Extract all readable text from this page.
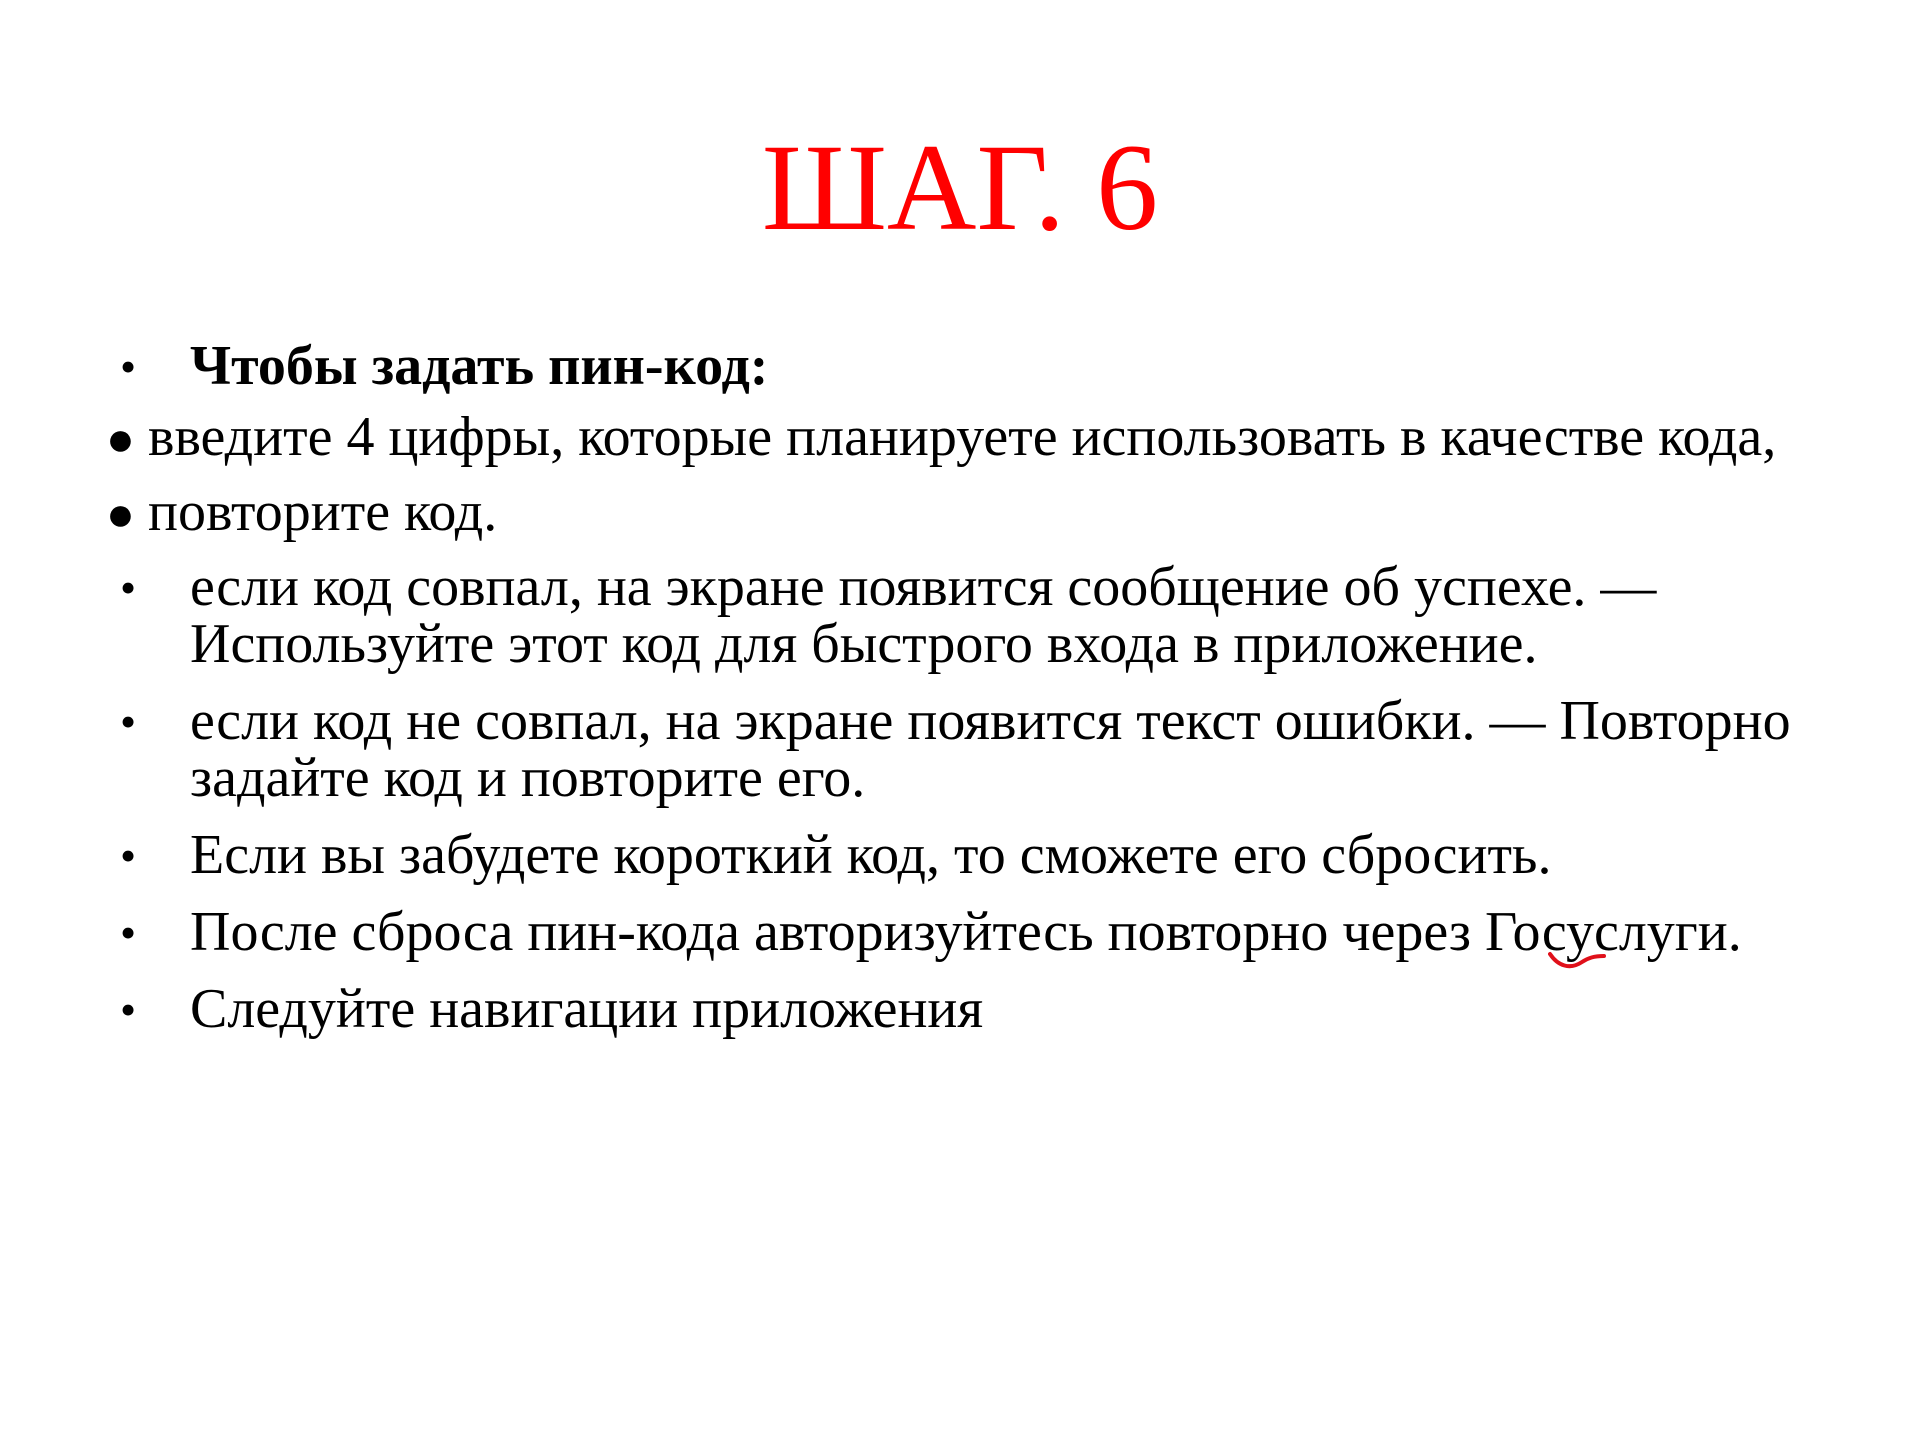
ШАГ. 6
• Чтобы задать пин-код:
● введите 4 цифры, которые планируете использовать в качестве кода,
● повторите код.
• если код совпал, на экране появится сообщение об успехе. — Используйте этот код для быстрого входа в приложение.
• если код не совпал, на экране появится текст ошибки. — Повторно задайте код и повторите его.
• Если вы забудете короткий код, то сможете его сбросить.
• После сброса пин-кода авторизуйтесь повторно через Госуслуги.
• Следуйте навигации приложения
